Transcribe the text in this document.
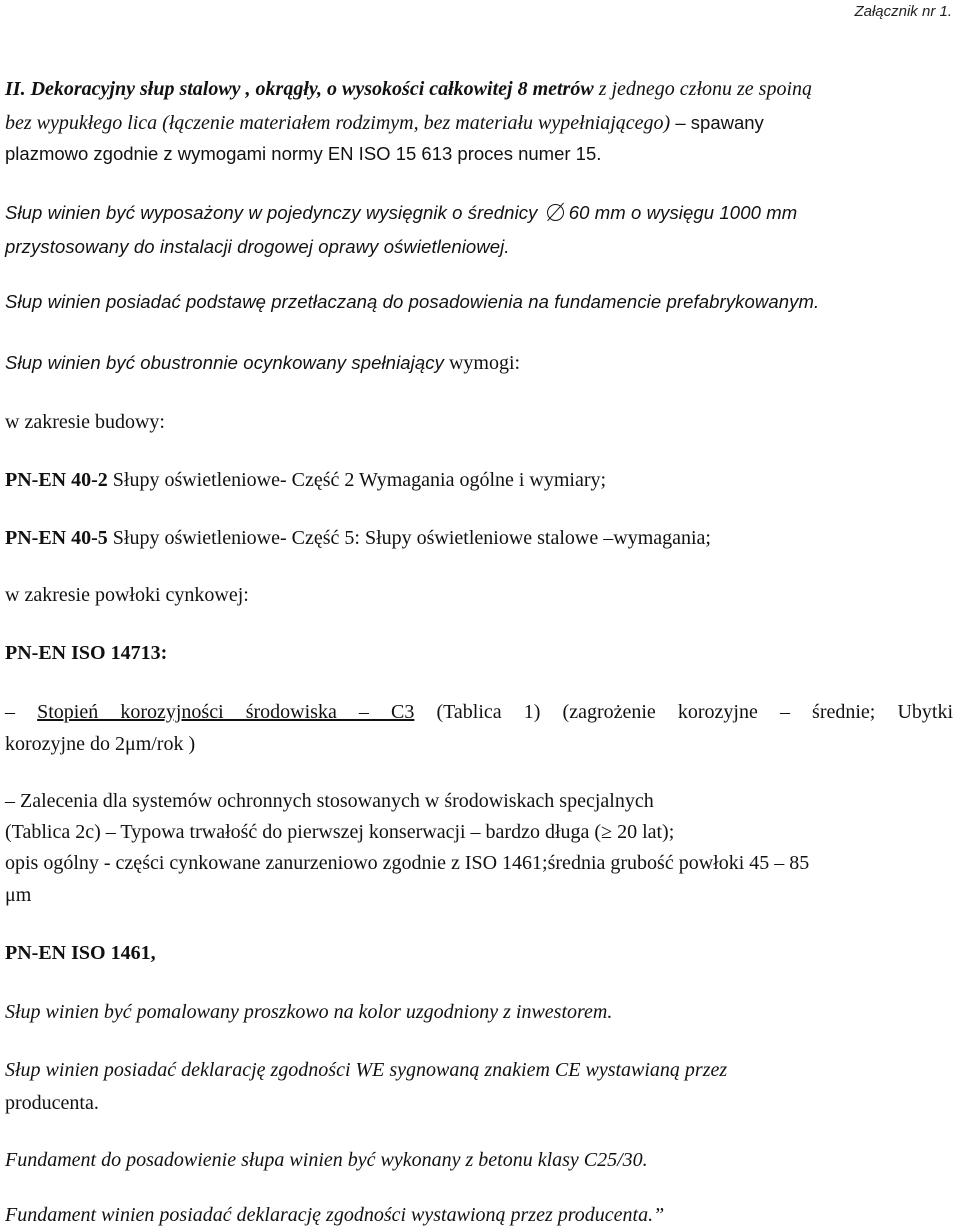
Załącznik nr 1.
II. Dekoracyjny słup stalowy , okrągły, o wysokości całkowitej 8 metrów z jednego członu ze spoiną
bez wypukłego lica (łączenie materiałem rodzimym, bez materiału wypełniającego) – spawany
plazmowo zgodnie z wymogami normy EN ISO 15 613 proces numer 15.
Słup winien być wyposażony w pojedynczy wysięgnik o średnicy 60 mm o wysięgu 1000 mm
przystosowany do instalacji drogowej oprawy oświetleniowej.
Słup winien posiadać podstawę przetłaczaną do posadowienia na fundamencie prefabrykowanym.
Słup winien być obustronnie ocynkowany spełniający wymogi:
w zakresie budowy:
PN-EN 40-2 Słupy oświetleniowe- Część 2 Wymagania ogólne i wymiary;
PN-EN 40-5 Słupy oświetleniowe- Część 5: Słupy oświetleniowe stalowe –wymagania;
w zakresie powłoki cynkowej:
PN-EN ISO 14713:
– Stopień korozyjności środowiska – C3 (Tablica 1) (zagrożenie korozyjne – średnie; Ubytki
korozyjne do 2μm/rok )
– Zalecenia dla systemów ochronnych stosowanych w środowiskach specjalnych
(Tablica 2c) – Typowa trwałość do pierwszej konserwacji – bardzo długa (≥ 20 lat);
opis ogólny - części cynkowane zanurzeniowo zgodnie z ISO 1461;średnia grubość powłoki 45 – 85
μm
PN-EN ISO 1461,
Słup winien być pomalowany proszkowo na kolor uzgodniony z inwestorem.
Słup winien posiadać deklarację zgodności WE sygnowaną znakiem CE wystawianą przez
producenta.
Fundament do posadowienie słupa winien być wykonany z betonu klasy C25/30.
Fundament winien posiadać deklarację zgodności wystawioną przez producenta.”
